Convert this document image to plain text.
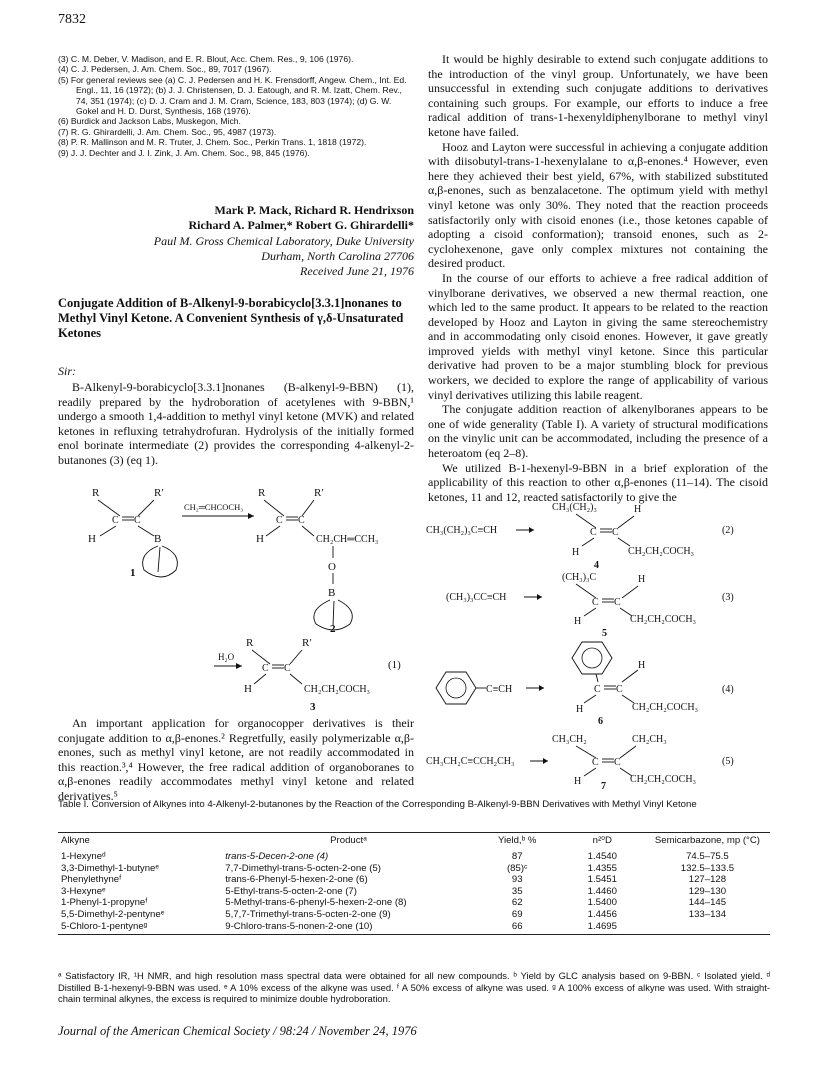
7832
(3) C. M. Deber, V. Madison, and E. R. Blout, Acc. Chem. Res., 9, 106 (1976).
(4) C. J. Pedersen, J. Am. Chem. Soc., 89, 7017 (1967).
(5) For general reviews see (a) C. J. Pedersen and H. K. Frensdorff, Angew. Chem., Int. Ed. Engl., 11, 16 (1972); (b) J. J. Christensen, D. J. Eatough, and R. M. Izatt, Chem. Rev., 74, 351 (1974); (c) D. J. Cram and J. M. Cram, Science, 183, 803 (1974); (d) G. W. Gokel and H. D. Durst, Synthesis, 168 (1976).
(6) Burdick and Jackson Labs, Muskegon, Mich.
(7) R. G. Ghirardelli, J. Am. Chem. Soc., 95, 4987 (1973).
(8) P. R. Mallinson and M. R. Truter, J. Chem. Soc., Perkin Trans. 1, 1818 (1972).
(9) J. J. Dechter and J. I. Zink, J. Am. Chem. Soc., 98, 845 (1976).
Mark P. Mack, Richard R. Hendrixson
Richard A. Palmer,* Robert G. Ghirardelli*
Paul M. Gross Chemical Laboratory, Duke University
Durham, North Carolina 27706
Received June 21, 1976
Conjugate Addition of B-Alkenyl-9-borabicyclo[3.3.1]nonanes to Methyl Vinyl Ketone. A Convenient Synthesis of γ,δ-Unsaturated Ketones
Sir:
B-Alkenyl-9-borabicyclo[3.3.1]nonanes (B-alkenyl-9-BBN) (1), readily prepared by the hydroboration of acetylenes with 9-BBN,¹ undergo a smooth 1,4-addition to methyl vinyl ketone (MVK) and related ketones in refluxing tetrahydrofuran. Hydrolysis of the initially formed enol borinate intermediate (2) provides the corresponding 4-alkenyl-2-butanones (3) (eq 1).
R	R′
C C
H	B
1
CH₂═CHCOCH₃
R	R′
C C
H	CH₂CH═CCH₃
O
B
2
H₂O
R	R′
C C
H	CH₂CH₂COCH₃
(1)
3
An important application for organocopper derivatives is their conjugate addition to α,β-enones.² Regretfully, easily polymerizable α,β-enones, such as methyl vinyl ketone, are not readily accommodated in this reaction.³,⁴ However, the free radical addition of organoboranes to α,β-enones readily accommodates methyl vinyl ketone and related derivatives.⁵

It would be highly desirable to extend such conjugate additions to the introduction of the vinyl group. Unfortunately, we have been unsuccessful in extending such conjugate additions to derivatives containing such groups. For example, our efforts to induce a free radical addition of trans-1-hexenyldiphenylborane to methyl vinyl ketone have failed.

Hooz and Layton were successful in achieving a conjugate addition with diisobutyl-trans-1-hexenylalane to α,β-enones.⁴ However, even here they achieved their best yield, 67%, with stabilized substituted α,β-enones, such as benzalacetone. The optimum yield with methyl vinyl ketone was only 30%. They noted that the reaction proceeds satisfactorily only with cisoid enones (i.e., those ketones capable of adopting a cisoid conformation); transoid enones, such as 2-cyclohexenone, gave only complex mixtures not containing the desired product.

In the course of our efforts to achieve a free radical addition of vinylborane derivatives, we observed a new thermal reaction, one which led to the same product. It appears to be related to the reaction developed by Hooz and Layton in giving the same stereochemistry and in accommodating only cisoid enones. However, it gave greatly improved yields with methyl vinyl ketone. Since this particular derivative had proven to be a major stumbling block for previous workers, we decided to explore the range of applicability of various vinyl derivatives utilizing this labile reagent.

The conjugate addition reaction of alkenylboranes appears to be one of wide generality (Table I). A variety of structural modifications on the vinylic unit can be accommodated, including the presence of a heteroatom (eq 2–8).

We utilized B-1-hexenyl-9-BBN in a brief exploration of the applicability of this reaction to other α,β-enones (11–14). The cisoid ketones, 11 and 12, reacted satisfactorily to give the

CH₃(CH₂)₃	H
C C
CH₃(CH₂)₃C≡CH
H	CH₂CH₂COCH₃
(2)
4
(CH₃)₃C	H
C C
(CH₃)₃CC≡CH
H	CH₂CH₂COCH₃
(3)
5
C≡CH
H
C C
H	CH₂CH₂COCH₃
(4)
6
CH₃CH₂	CH₂CH₃
C C
CH₃CH₂C≡CCH₂CH₃
H	CH₂CH₂COCH₃
(5)
7
Table I. Conversion of Alkynes into 4-Alkenyl-2-butanones by the Reaction of the Corresponding B-Alkenyl-9-BBN Derivatives with Methyl Vinyl Ketone
Alkyne	Productᵃ	Yield,ᵇ %	n²⁰D	Semicarbazone, mp (°C)

1-Hexyneᵈ	trans-5-Decen-2-one (4)	87	1.4540	74.5–75.5
3,3-Dimethyl-1-butyneᵉ	7,7-Dimethyl-trans-5-octen-2-one (5)	(85)ᶜ	1.4355	132.5–133.5
Phenylethyneᶠ	trans-6-Phenyl-5-hexen-2-one (6)	93	1.5451	127–128
3-Hexyneᵉ	5-Ethyl-trans-5-octen-2-one (7)	35	1.4460	129–130
1-Phenyl-1-propyneᶠ	5-Methyl-trans-6-phenyl-5-hexen-2-one (8)	62	1.5400	144–145
5,5-Dimethyl-2-pentyneᵉ	5,7,7-Trimethyl-trans-5-octen-2-one (9)	69	1.4456	133–134
5-Chloro-1-pentyneᵍ	9-Chloro-trans-5-nonen-2-one (10)	66	1.4695	
ᵃ Satisfactory IR, ¹H NMR, and high resolution mass spectral data were obtained for all new compounds. ᵇ Yield by GLC analysis based on 9-BBN. ᶜ Isolated yield. ᵈ Distilled B-1-hexenyl-9-BBN was used. ᵉ A 10% excess of the alkyne was used. ᶠ A 50% excess of alkyne was used. ᵍ A 100% excess of alkyne was used. With straight-chain terminal alkynes, the excess is required to minimize double hydroboration.
Journal of the American Chemical Society / 98:24 / November 24, 1976
